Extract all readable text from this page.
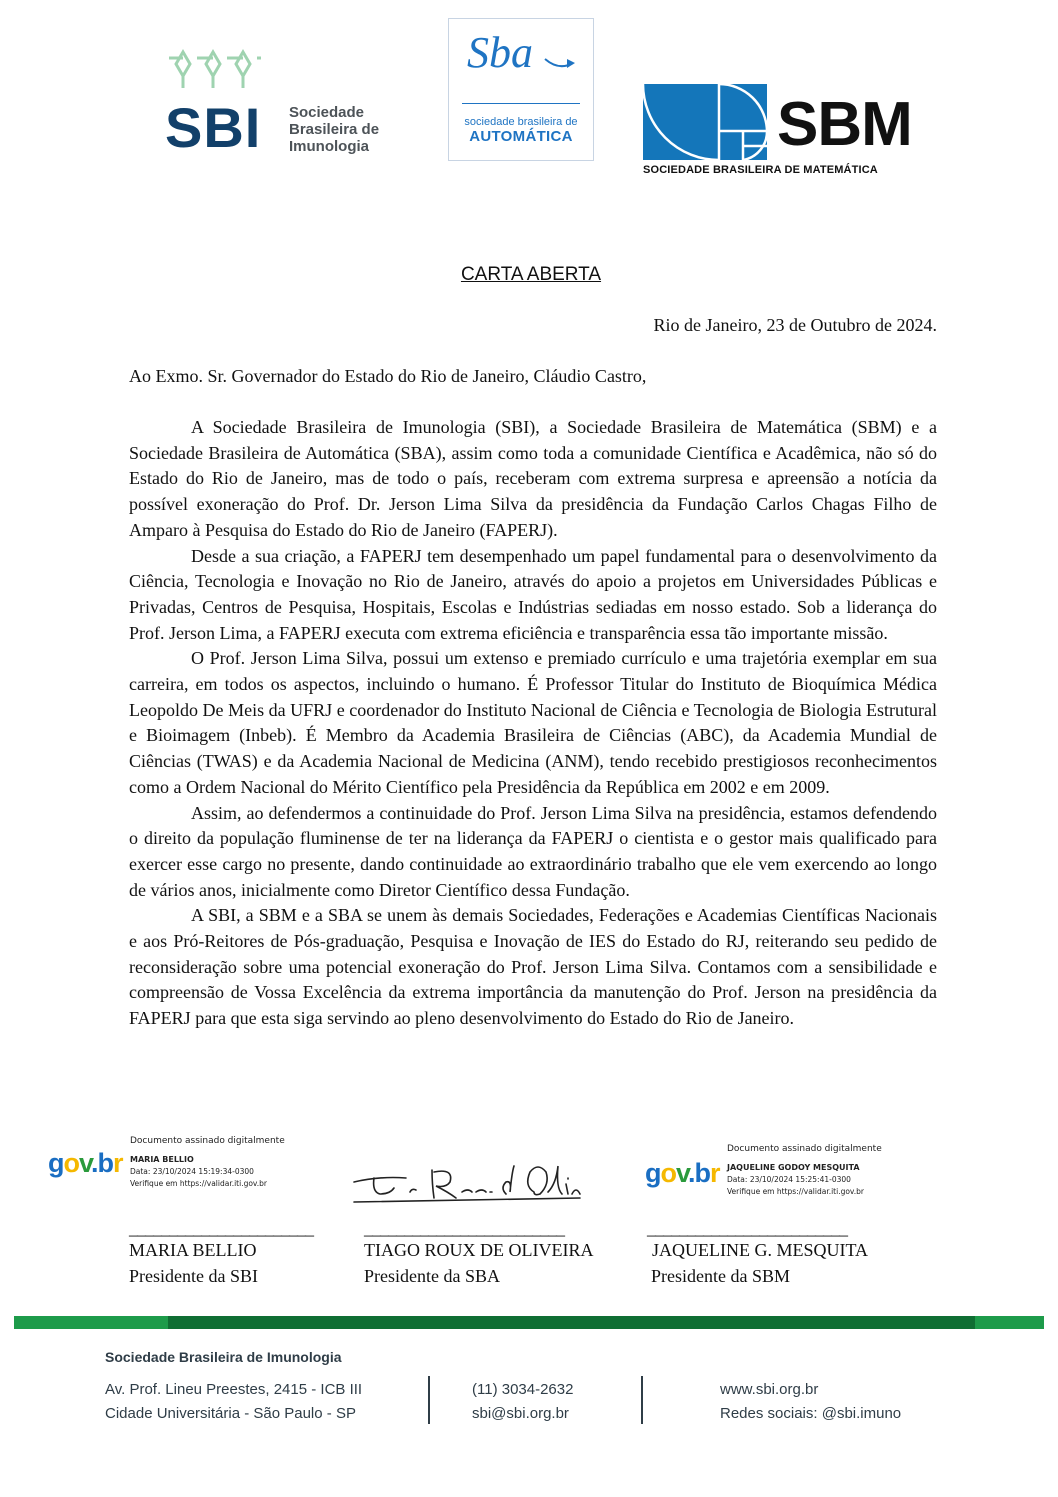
SBI Sociedade
Brasileira de
Imunologia
Sba
sociedade brasileira de
AUTOMÁTICA	SBM
SOCIEDADE BRASILEIRA DE MATEMÁTICA
CARTA ABERTA
Rio de Janeiro, 23 de Outubro de 2024.
Ao Exmo. Sr. Governador do Estado do Rio de Janeiro, Cláudio Castro,

A Sociedade Brasileira de Imunologia (SBI), a Sociedade Brasileira de Matemática (SBM) e a Sociedade Brasileira de Automática (SBA), assim como toda a comunidade Científica e Acadêmica, não só do Estado do Rio de Janeiro, mas de todo o país, receberam com extrema surpresa e apreensão a notícia da possível exoneração do Prof. Dr. Jerson Lima Silva da presidência da Fundação Carlos Chagas Filho de Amparo à Pesquisa do Estado do Rio de Janeiro (FAPERJ).

Desde a sua criação, a FAPERJ tem desempenhado um papel fundamental para o desenvolvimento da Ciência, Tecnologia e Inovação no Rio de Janeiro, através do apoio a projetos em Universidades Públicas e Privadas, Centros de Pesquisa, Hospitais, Escolas e Indústrias sediadas em nosso estado. Sob a liderança do Prof. Jerson Lima, a FAPERJ executa com extrema eficiência e transparência essa tão importante missão.

O Prof. Jerson Lima Silva, possui um extenso e premiado currículo e uma trajetória exemplar em sua carreira, em todos os aspectos, incluindo o humano. É Professor Titular do Instituto de Bioquímica Médica Leopoldo De Meis da UFRJ e coordenador do Instituto Nacional de Ciência e Tecnologia de Biologia Estrutural e Bioimagem (Inbeb). É Membro da Academia Brasileira de Ciências (ABC), da Academia Mundial de Ciências (TWAS) e da Academia Nacional de Medicina (ANM), tendo recebido prestigiosos reconhecimentos como a Ordem Nacional do Mérito Científico pela Presidência da República em 2002 e em 2009.

Assim, ao defendermos a continuidade do Prof. Jerson Lima Silva na presidência, estamos defendendo o direito da população fluminense de ter na liderança da FAPERJ o cientista e o gestor mais qualificado para exercer esse cargo no presente, dando continuidade ao extraordinário trabalho que ele vem exercendo ao longo de vários anos, inicialmente como Diretor Científico dessa Fundação.

A SBI, a SBM e a SBA se unem às demais Sociedades, Federações e Academias Científicas Nacionais e aos Pró-Reitores de Pós-graduação, Pesquisa e Inovação de IES do Estado do RJ, reiterando seu pedido de reconsideração sobre uma potencial exoneração do Prof. Jerson Lima Silva. Contamos com a sensibilidade e compreensão de Vossa Excelência da extrema importância da manutenção do Prof. Jerson na presidência da FAPERJ para que esta siga servindo ao pleno desenvolvimento do Estado do Rio de Janeiro.

gov.br
Documento assinado digitalmente
MARIA BELLIO
Data: 23/10/2024 15:19:34-0300
Verifique em https://validar.iti.gov.br	gov.br
Documento assinado digitalmente
JAQUELINE GODOY MESQUITA
Data: 23/10/2024 15:25:41-0300
Verifique em https://validar.iti.gov.br
_______________________	_________________________	_________________________
MARIA BELLIO	TIAGO ROUX DE OLIVEIRA	JAQUELINE G. MESQUITA
Presidente da SBI	Presidente da SBA	Presidente da SBM
Sociedade Brasileira de Imunologia
Av. Prof. Lineu Preestes, 2415 - ICB III
Cidade Universitária - São Paulo - SP
(11) 3034-2632
sbi@sbi.org.br
www.sbi.org.br
Redes sociais: @sbi.imuno
